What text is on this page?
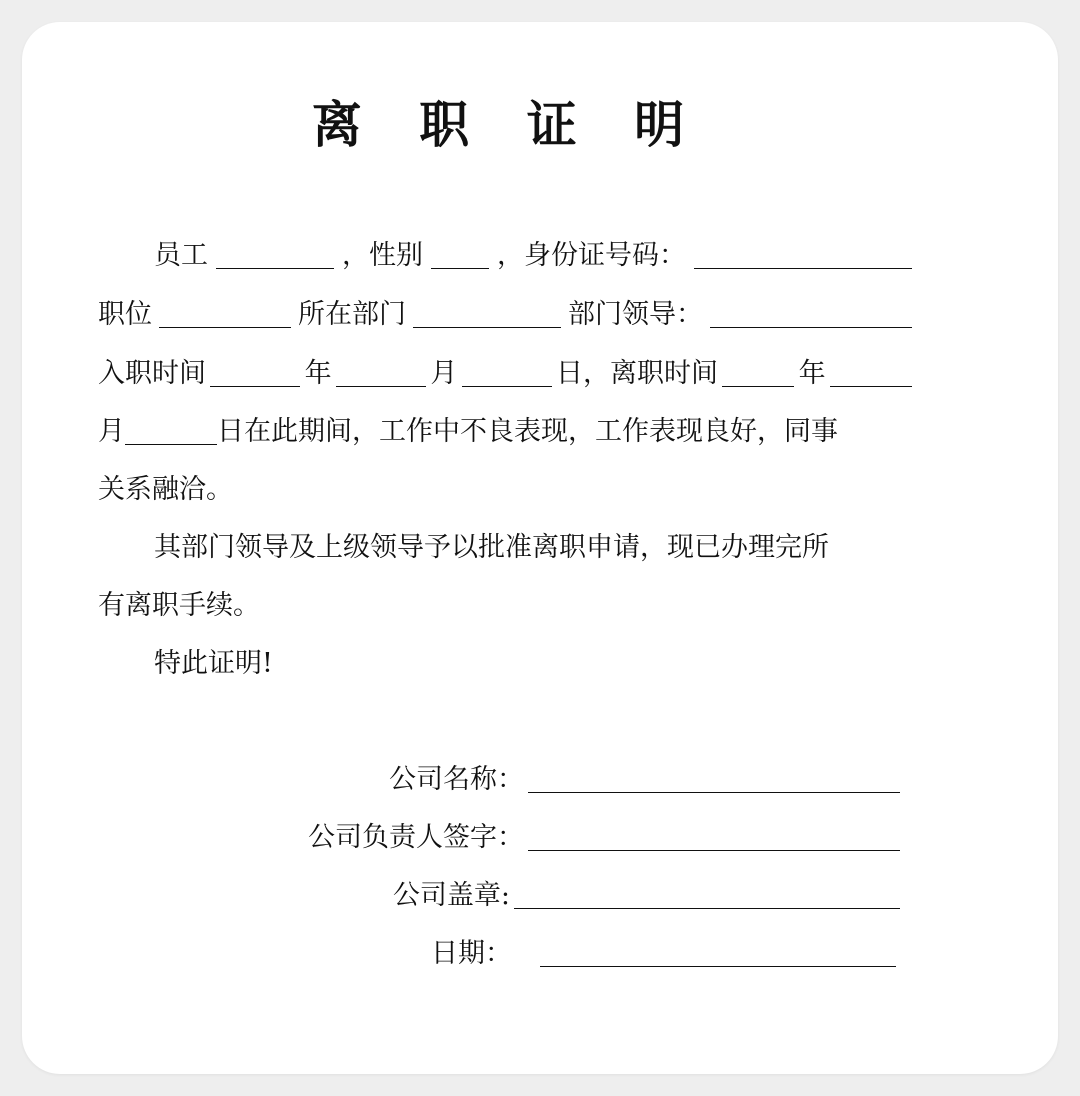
离 职 证 明
员工	，性别	，身份证号码：
职位	所在部门	部门领导：
入职时间	年	月	日，离职时间	年
月	日在此期间，工作中不良表现，工作表现良好，同事
关系融洽。
其部门领导及上级领导予以批准离职申请，现已办理完所
有离职手续。
特此证明!
公司名称：
公司负责人签字：
公司盖章:
日期：
